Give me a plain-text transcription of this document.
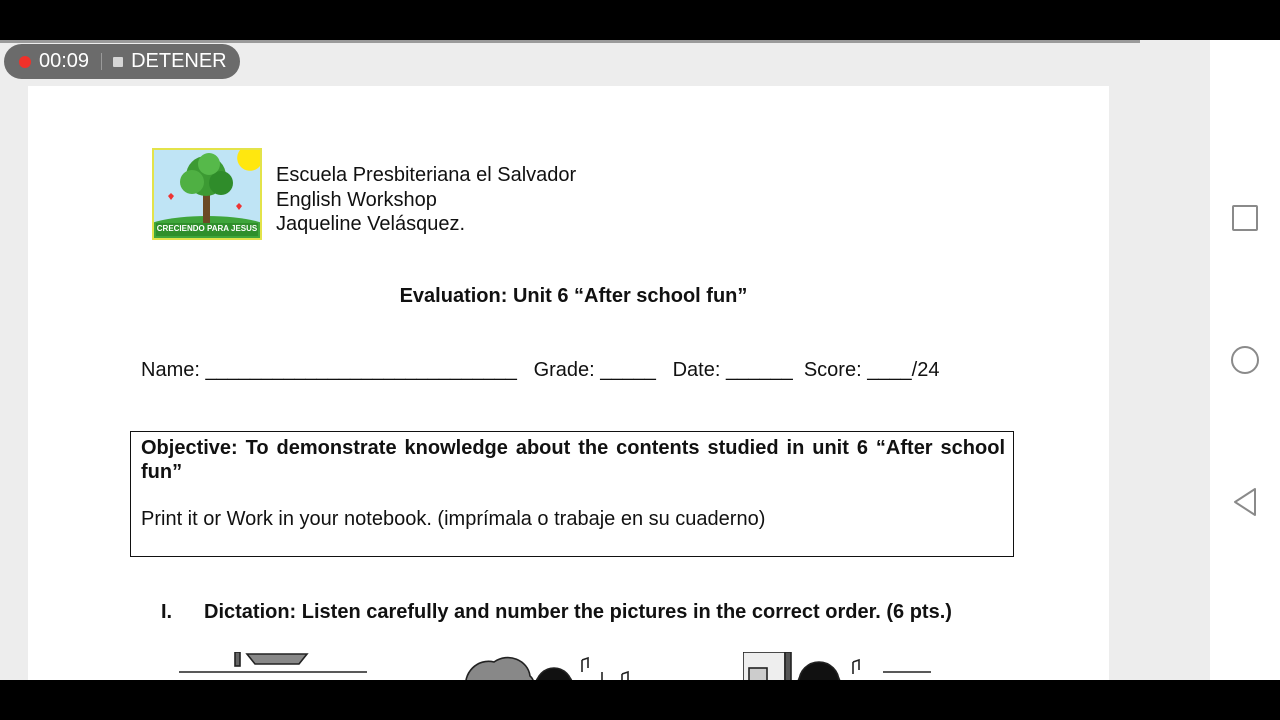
CRECIENDO PARA JESUS
Escuela Presbiteriana el Salvador
English Workshop
Jaqueline Velásquez.
Evaluation: Unit 6 “After school fun”
Name: ____________________________ Grade: _____ Date: ______ Score: ____/24
Objective: To demonstrate knowledge about the contents studied in unit 6 “After school fun”
Print it or Work in your notebook. (imprímala o trabaje en su cuaderno)
I. Dictation: Listen carefully and number the pictures in the correct order. (6 pts.)
00:09 DETENER
